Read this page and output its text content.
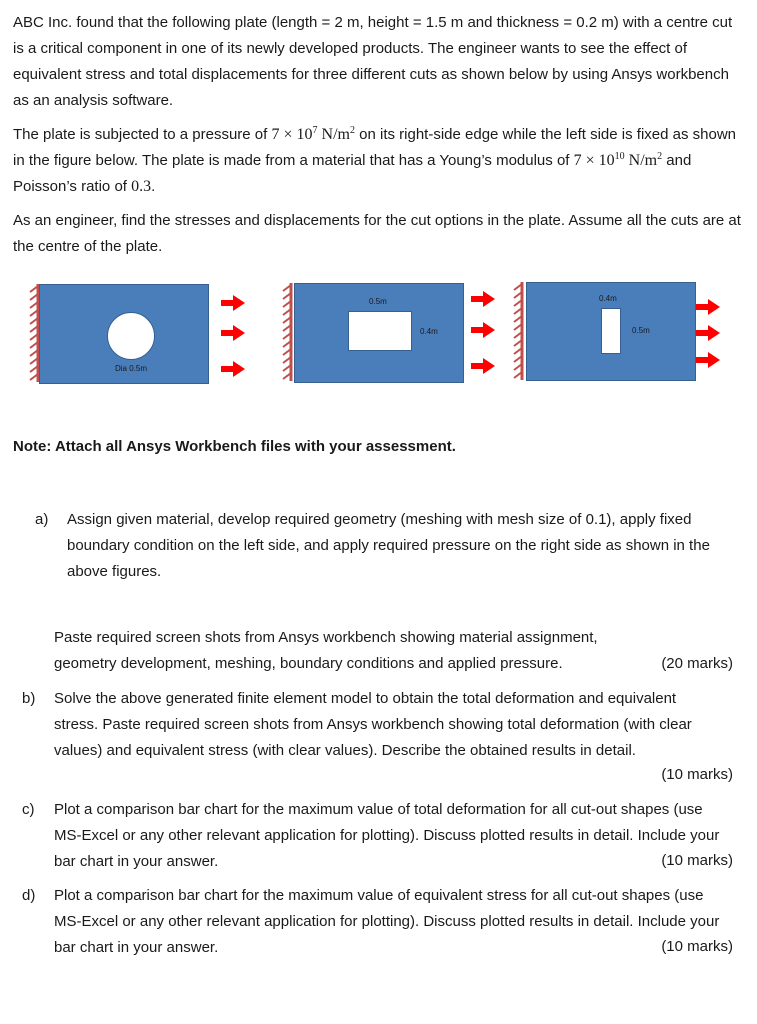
ABC Inc. found that the following plate (length = 2 m, height = 1.5 m and thickness = 0.2 m) with a centre cut is a critical component in one of its newly developed products. The engineer wants to see the effect of equivalent stress and total displacements for three different cuts as shown below by using Ansys workbench as an analysis software.

The plate is subjected to a pressure of $7 \times 10^7$ $N/m^2$ on its right-side edge while the left side is fixed as shown in the figure below. The plate is made from a material that has a Young’s modulus of $7 \times 10^{10}$ $N/m^2$ and Poisson’s ratio of 0.3.

As an engineer, find the stresses and displacements for the cut options in the plate. Assume all the cuts are at the centre of the plate.

Dia 0.5m
0.5m
0.4m
0.4m
0.5m

Note: Attach all Ansys Workbench files with your assessment.

a) Assign given material, develop required geometry (meshing with mesh size of 0.1), apply fixed boundary condition on the left side, and apply required pressure on the right side as shown in the above figures.

Paste required screen shots from Ansys workbench showing material assignment, geometry development, meshing, boundary conditions and applied pressure.	(20 marks)
b) Solve the above generated finite element model to obtain the total deformation and equivalent stress. Paste required screen shots from Ansys workbench showing total deformation (with clear values) and equivalent stress (with clear values). Describe the obtained results in detail.

(10 marks)
c) Plot a comparison bar chart for the maximum value of total deformation for all cut-out shapes (use MS-Excel or any other relevant application for plotting). Discuss plotted results in detail. Include your bar chart in your answer.	(10 marks)
d) Plot a comparison bar chart for the maximum value of equivalent stress for all cut-out shapes (use MS-Excel or any other relevant application for plotting). Discuss plotted results in detail. Include your bar chart in your answer.	(10 marks)
